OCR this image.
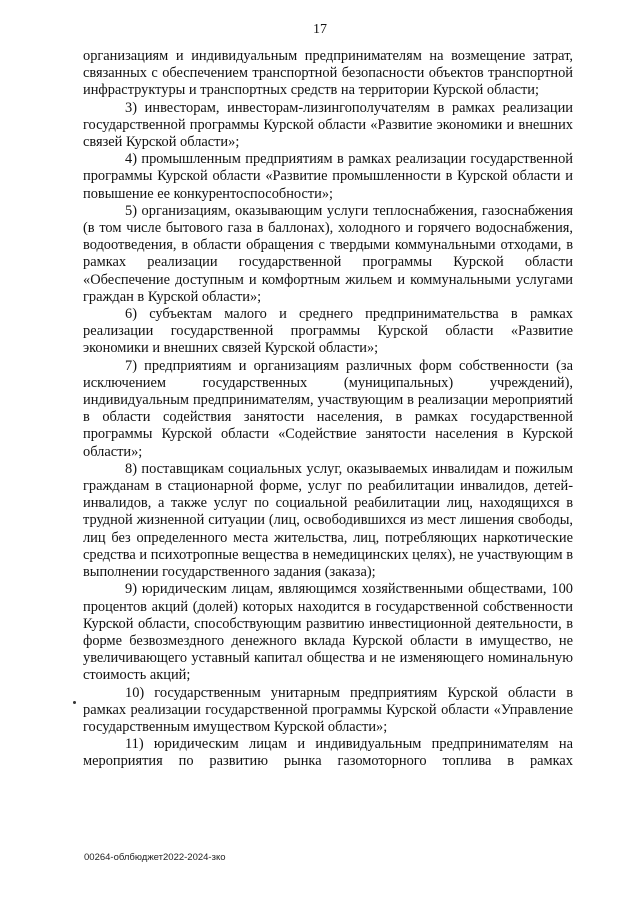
17

организациям и индивидуальным предпринимателям на возмещение затрат, связанных с обеспечением транспортной безопасности объектов транспортной инфраструктуры и транспортных средств на территории Курской области;

3) инвесторам, инвесторам-лизингополучателям в рамках реализации государственной программы Курской области «Развитие экономики и внешних связей Курской области»;

4) промышленным предприятиям в рамках реализации государственной программы Курской области «Развитие промышленности в Курской области и повышение ее конкурентоспособности»;

5) организациям, оказывающим услуги теплоснабжения, газоснабжения (в том числе бытового газа в баллонах), холодного и горячего водоснабжения, водоотведения, в области обращения с твердыми коммунальными отходами, в рамках реализации государственной программы Курской области «Обеспечение доступным и комфортным жильем и коммунальными услугами граждан в Курской области»;

6) субъектам малого и среднего предпринимательства в рамках реализации государственной программы Курской области «Развитие экономики и внешних связей Курской области»;

7) предприятиям и организациям различных форм собственности (за исключением государственных (муниципальных) учреждений), индивидуальным предпринимателям, участвующим в реализации мероприятий в области содействия занятости населения, в рамках государственной программы Курской области «Содействие занятости населения в Курской области»;

8) поставщикам социальных услуг, оказываемых инвалидам и пожилым гражданам в стационарной форме, услуг по реабилитации инвалидов, детей-инвалидов, а также услуг по социальной реабилитации лиц, находящихся в трудной жизненной ситуации (лиц, освободившихся из мест лишения свободы, лиц без определенного места жительства, лиц, потребляющих наркотические средства и психотропные вещества в немедицинских целях), не участвующим в выполнении государственного задания (заказа);

9) юридическим лицам, являющимся хозяйственными обществами, 100 процентов акций (долей) которых находится в государственной собственности Курской области, способствующим развитию инвестиционной деятельности, в форме безвозмездного денежного вклада Курской области в имущество, не увеличивающего уставный капитал общества и не изменяющего номинальную стоимость акций;

10) государственным унитарным предприятиям Курской области в рамках реализации государственной программы Курской области «Управление государственным имуществом Курской области»;

11) юридическим лицам и индивидуальным предпринимателям на мероприятия по развитию рынка газомоторного топлива в рамках

00264-облбюджет2022-2024-зко
